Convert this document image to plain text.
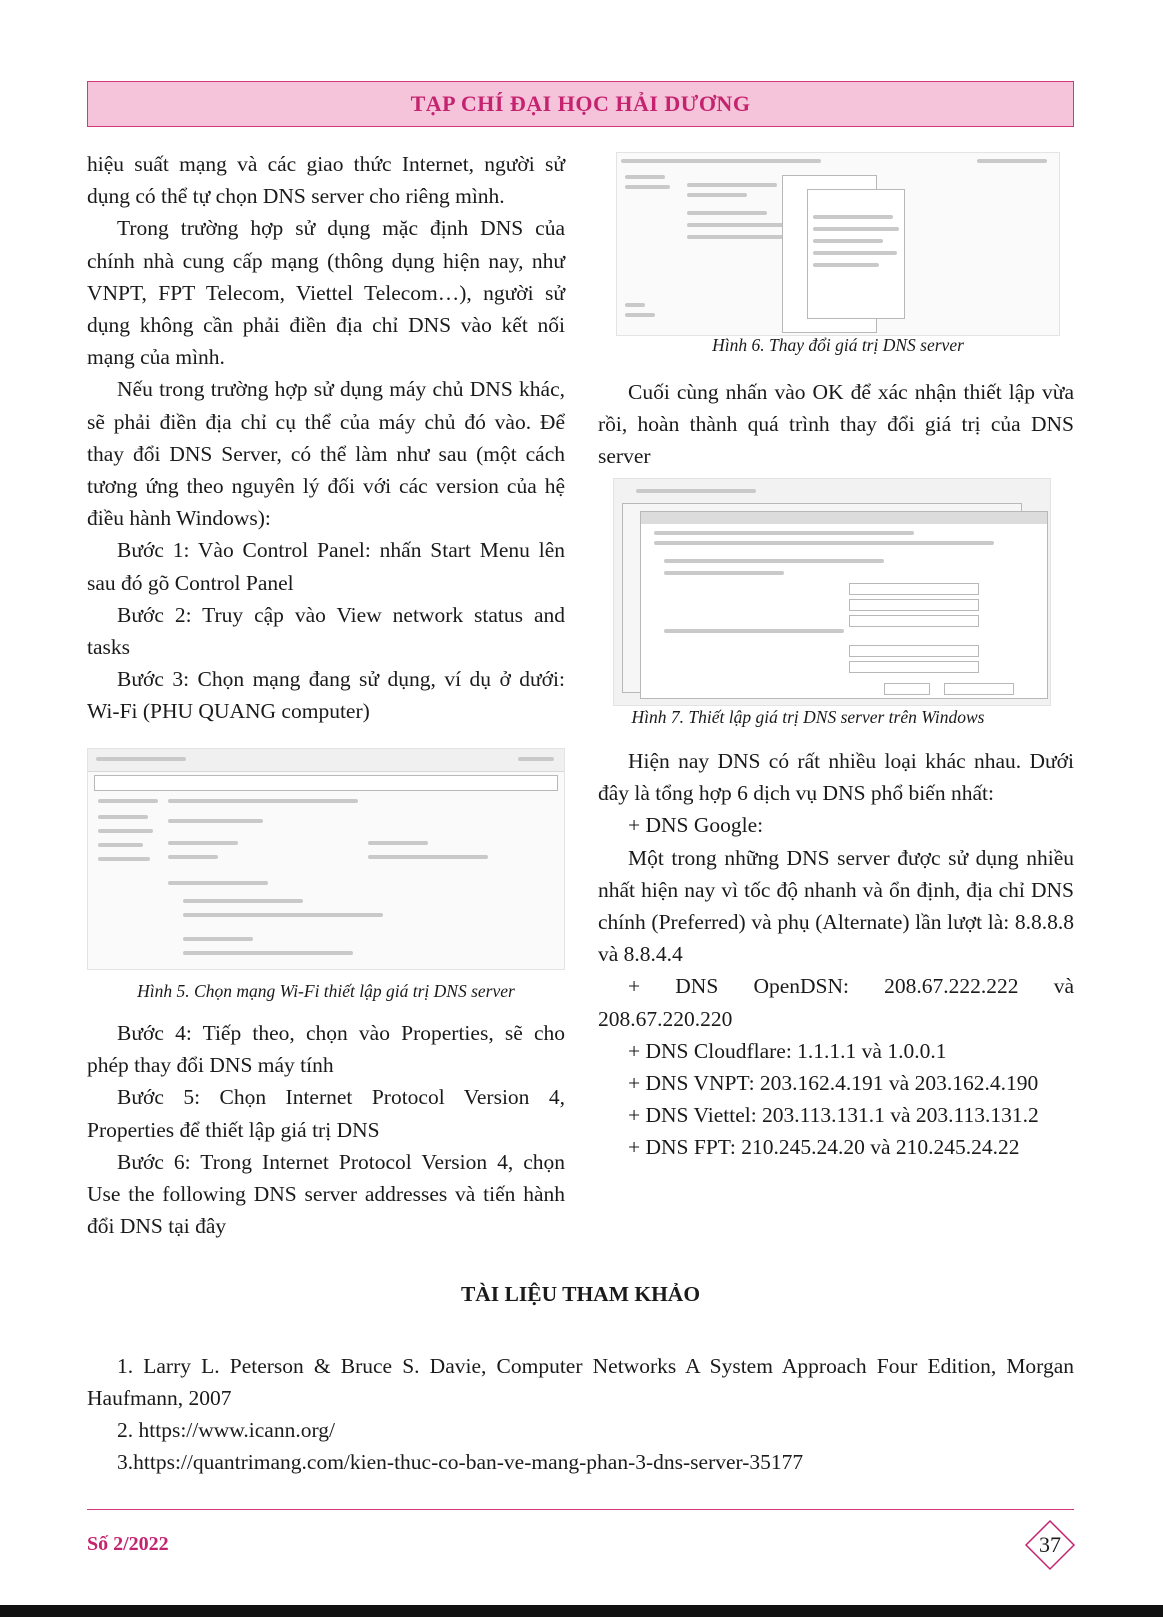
TẠP CHÍ ĐẠI HỌC HẢI DƯƠNG

hiệu suất mạng và các giao thức Internet, người sử dụng có thể tự chọn DNS server cho riêng mình.

Trong trường hợp sử dụng mặc định DNS của chính nhà cung cấp mạng (thông dụng hiện nay, như VNPT, FPT Telecom, Viettel Telecom…), người sử dụng không cần phải điền địa chỉ DNS vào kết nối mạng của mình.

Nếu trong trường hợp sử dụng máy chủ DNS khác, sẽ phải điền địa chỉ cụ thể của máy chủ đó vào. Để thay đổi DNS Server, có thể làm như sau (một cách tương ứng theo nguyên lý đối với các version của hệ điều hành Windows):

Bước 1: Vào Control Panel: nhấn Start Menu lên sau đó gõ Control Panel

Bước 2: Truy cập vào View network status and tasks

Bước 3: Chọn mạng đang sử dụng, ví dụ ở dưới: Wi-Fi (PHU QUANG computer)

Hình 5. Chọn mạng Wi-Fi thiết lập giá trị DNS server

Bước 4: Tiếp theo, chọn vào Properties, sẽ cho phép thay đổi DNS máy tính

Bước 5: Chọn Internet Protocol Version 4, Properties để thiết lập giá trị DNS

Bước 6: Trong Internet Protocol Version 4, chọn Use the following DNS server addresses và tiến hành đổi DNS tại đây

Hình 6. Thay đổi giá trị DNS server

Cuối cùng nhấn vào OK để xác nhận thiết lập vừa rồi, hoàn thành quá trình thay đổi giá trị của DNS server

Hình 7. Thiết lập giá trị DNS server trên Windows

Hiện nay DNS có rất nhiều loại khác nhau. Dưới đây là tổng hợp 6 dịch vụ DNS phổ biến nhất:

+ DNS Google:

Một trong những DNS server được sử dụng nhiều nhất hiện nay vì tốc độ nhanh và ổn định, địa chỉ DNS chính (Preferred) và phụ (Alternate) lần lượt là: 8.8.8.8 và 8.8.4.4

+ DNS OpenDSN: 208.67.222.222 và 208.67.220.220

+ DNS Cloudflare: 1.1.1.1 và 1.0.0.1

+ DNS VNPT: 203.162.4.191 và 203.162.4.190

+ DNS Viettel: 203.113.131.1 và 203.113.131.2

+ DNS FPT: 210.245.24.20 và 210.245.24.22

TÀI LIỆU THAM KHẢO

1. Larry L. Peterson & Bruce S. Davie, Computer Networks A System Approach Four Edition, Morgan Haufmann, 2007

2. https://www.icann.org/

3.https://quantrimang.com/kien-thuc-co-ban-ve-mang-phan-3-dns-server-35177

Số 2/2022	37
